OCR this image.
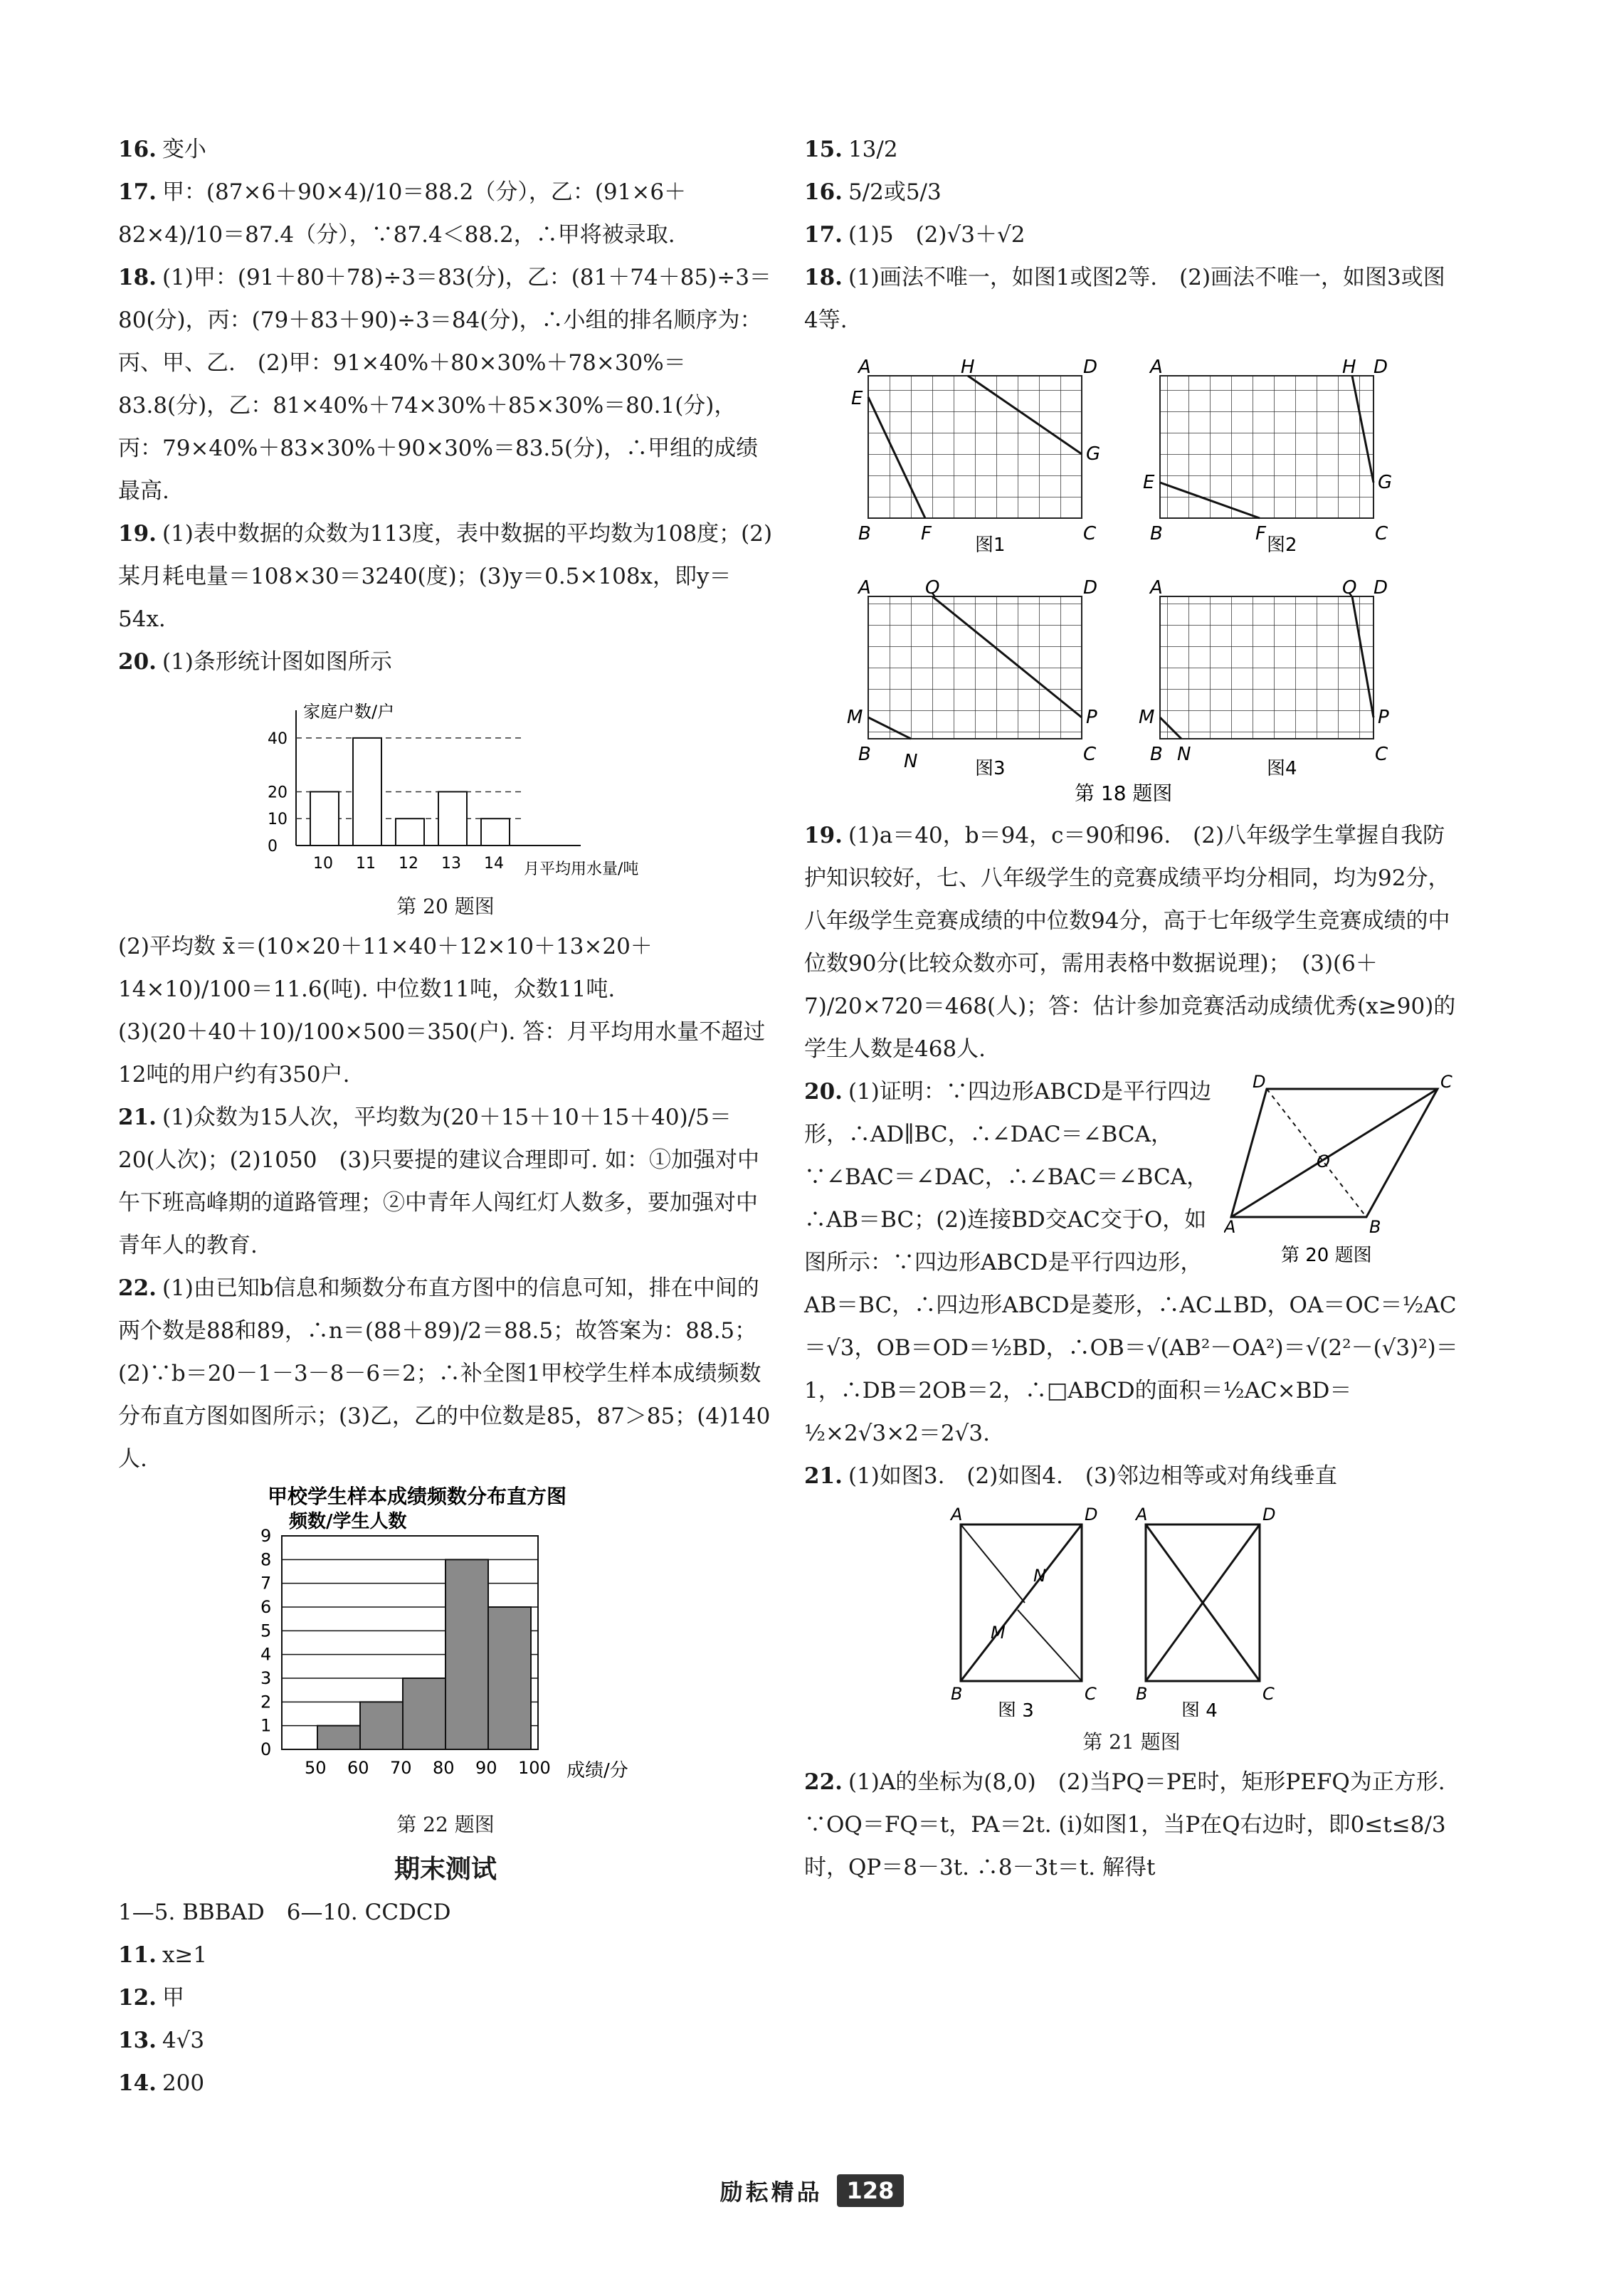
16. 变小

17. 甲：(87×6＋90×4)/10＝88.2（分），乙：(91×6＋82×4)/10＝87.4（分），∵87.4＜88.2，∴甲将被录取.

18. (1)甲：(91＋80＋78)÷3＝83(分)，乙：(81＋74＋85)÷3＝80(分)，丙：(79＋83＋90)÷3＝84(分)，∴小组的排名顺序为：丙、甲、乙.　(2)甲：91×40%＋80×30%＋78×30%＝83.8(分)，乙：81×40%＋74×30%＋85×30%＝80.1(分)，丙：79×40%＋83×30%＋90×30%＝83.5(分)，∴甲组的成绩最高.

19. (1)表中数据的众数为113度，表中数据的平均数为108度；(2)某月耗电量＝108×30＝3240(度)；(3)y＝0.5×108x，即y＝54x.

20. (1)条形统计图如图所示

家庭户数/户
月平均用水量/吨
0
10
20
40
10 11 12 13 14
第 20 题图

(2)平均数 x̄＝(10×20＋11×40＋12×10＋13×20＋14×10)/100＝11.6(吨). 中位数11吨，众数11吨.

(3)(20＋40＋10)/100×500＝350(户). 答：月平均用水量不超过12吨的用户约有350户.

21. (1)众数为15人次，平均数为(20＋15＋10＋15＋40)/5＝20(人次)；(2)1050　(3)只要提的建议合理即可. 如：①加强对中午下班高峰期的道路管理；②中青年人闯红灯人数多，要加强对中青年人的教育.

22. (1)由已知b信息和频数分布直方图中的信息可知，排在中间的两个数是88和89，∴n＝(88＋89)/2＝88.5；故答案为：88.5；(2)∵b＝20－1－3－8－6＝2；∴补全图1甲校学生样本成绩频数分布直方图如图所示；(3)乙，乙的中位数是85，87＞85；(4)140人.

甲校学生样本成绩频数分布直方图
频数/学生人数
0
1
2
3
4
5
6
7
8
9
50 60 70 80 90 100 成绩/分
第 22 题图
期末测试

1—5. BBBAD　6—10. CCDCD

11. x≥1

12. 甲

13. 4√3

14. 200

15. 13/2

16. 5/2或5/3

17. (1)5　(2)√3＋√2

18. (1)画法不唯一，如图1或图2等.　(2)画法不唯一，如图3或图4等.

A	H	D
E
G
B	F	C
图1
A	H D
E	G
B	F	C
图2
A	Q	D
M	P
B N	C
图3
A	Q D
M	P
B N	C
图4
第 18 题图

19. (1)a＝40，b＝94，c＝90和96.　(2)八年级学生掌握自我防护知识较好，七、八年级学生的竞赛成绩平均分相同，均为92分，八年级学生竞赛成绩的中位数94分，高于七年级学生竞赛成绩的中位数90分(比较众数亦可，需用表格中数据说理)；　(3)(6＋7)/20×720＝468(人)；答：估计参加竞赛活动成绩优秀(x≥90)的学生人数是468人.

D	C
A	B
O
第 20 题图

20. (1)证明：∵四边形ABCD是平行四边形，∴AD∥BC，∴∠DAC＝∠BCA，∵∠BAC＝∠DAC，∴∠BAC＝∠BCA，∴AB＝BC；(2)连接BD交AC交于O，如图所示：∵四边形ABCD是平行四边形，AB＝BC，∴四边形ABCD是菱形，∴AC⊥BD，OA＝OC＝½AC＝√3，OB＝OD＝½BD，∴OB＝√(AB²－OA²)＝√(2²－(√3)²)＝1，∴DB＝2OB＝2，∴□ABCD的面积＝½AC×BD＝½×2√3×2＝2√3.

21. (1)如图3.　(2)如图4.　(3)邻边相等或对角线垂直

A	D
B	C
N
M
图 3
A	D
B	C
图 4
第 21 题图

22. (1)A的坐标为(8,0)　(2)当PQ＝PE时，矩形PEFQ为正方形. ∵OQ＝FQ＝t，PA＝2t. (i)如图1，当P在Q右边时，即0≤t≤8/3时，QP＝8－3t. ∴8－3t＝t. 解得t

励耘精品 128
